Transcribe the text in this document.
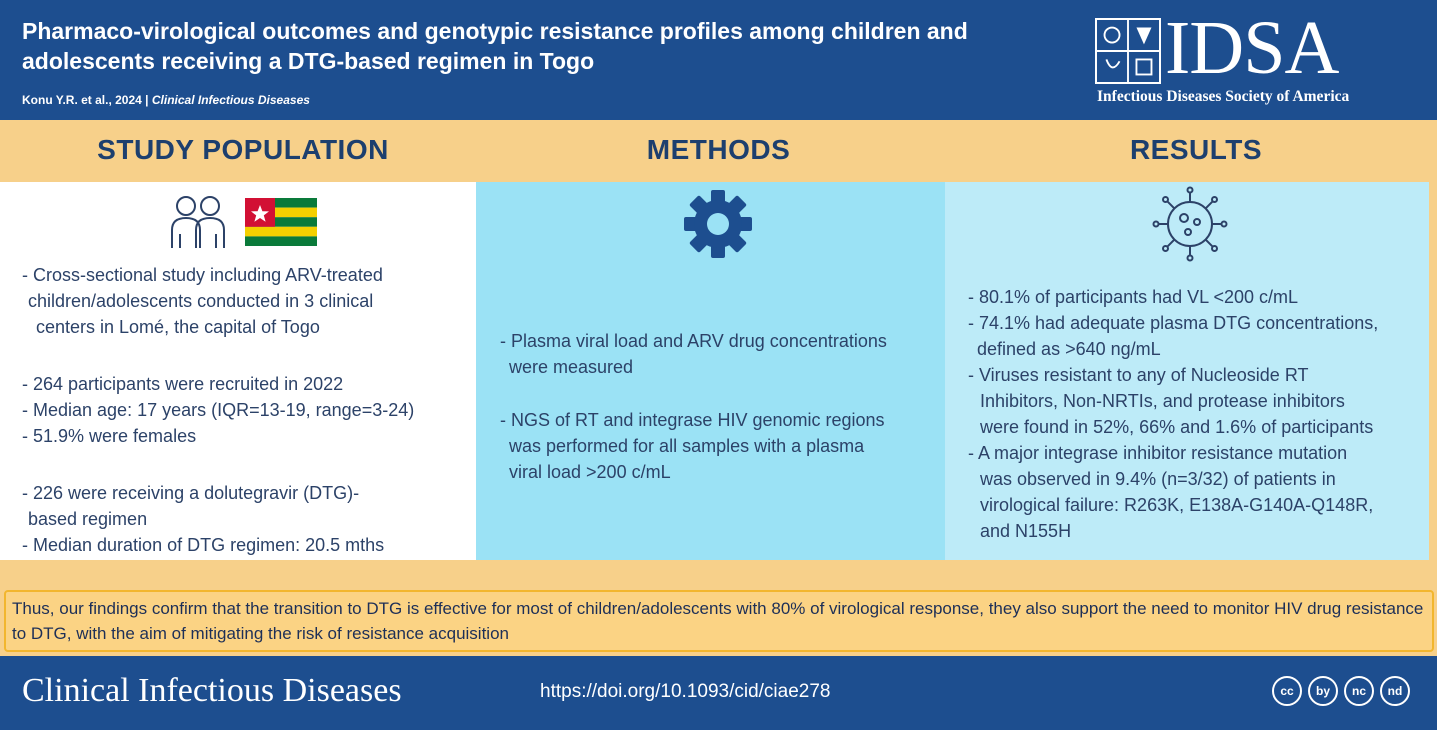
Pharmaco-virological outcomes and genotypic resistance profiles among children and adolescents receiving a DTG-based regimen in Togo
Konu Y.R. et al., 2024 | Clinical Infectious Diseases
IDSA
Infectious Diseases Society of America
STUDY POPULATION	METHODS	RESULTS
- Cross-sectional study including ARV-treated
children/adolescents conducted in 3 clinical
centers in Lomé, the capital of Togo
- 264 participants were recruited in 2022
- Median age: 17 years (IQR=13-19, range=3-24)
- 51.9% were females
- 226 were receiving a dolutegravir (DTG)-
based regimen
- Median duration of DTG regimen: 20.5 mths
- Plasma viral load and ARV drug concentrations
were measured
- NGS of RT and integrase HIV genomic regions
was performed for all samples with a plasma
viral load >200 c/mL
- 80.1% of participants had VL <200 c/mL
- 74.1% had adequate plasma DTG concentrations,
defined as >640 ng/mL
- Viruses resistant to any of Nucleoside RT
Inhibitors, Non-NRTIs, and protease inhibitors
were found in 52%, 66% and 1.6% of participants
- A major integrase inhibitor resistance mutation
was observed in 9.4% (n=3/32) of patients in
virological failure: R263K, E138A-G140A-Q148R,
and N155H
Thus, our findings confirm that the transition to DTG is effective for most of children/adolescents with 80% of virological response, they also support the need to monitor HIV drug resistance to DTG, with the aim of mitigating the risk of resistance acquisition
Clinical Infectious Diseases	https://doi.org/10.1093/cid/ciae278	cc	by	nc	nd
